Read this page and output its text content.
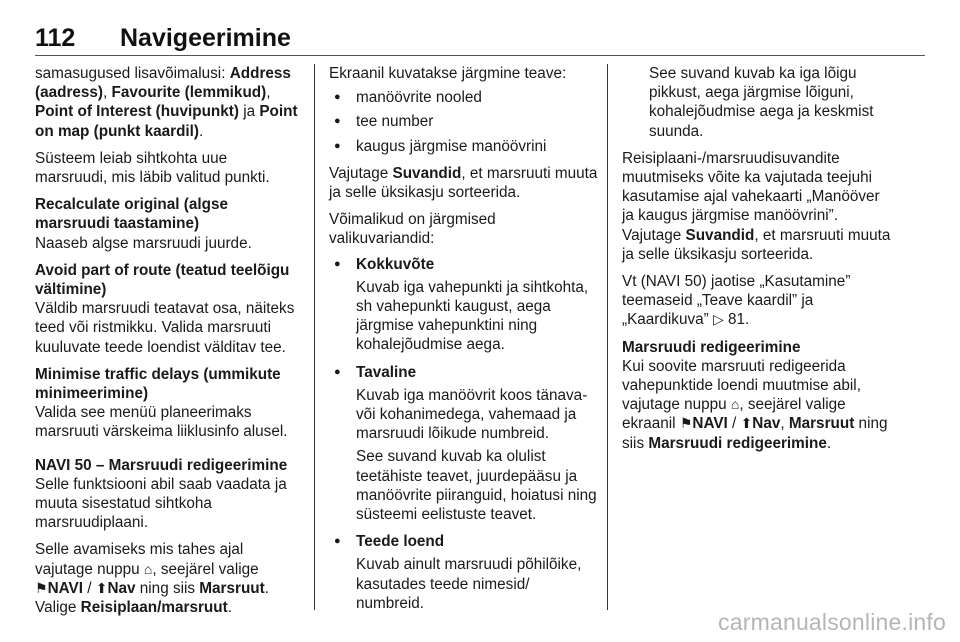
112 Navigeerimine

samasugused lisavõimalusi: Address (aadress), Favourite (lemmikud), Point of Interest (huvipunkt) ja Point on map (punkt kaardil).

Süsteem leiab sihtkohta uue marsruudi, mis läbib valitud punkti.

Recalculate original (algse marsruudi taastamine)

Naaseb algse marsruudi juurde.

Avoid part of route (teatud teelõigu vältimine)

Väldib marsruudi teatavat osa, näiteks teed või ristmikku. Valida marsruuti kuuluvate teede loendist välditav tee.

Minimise traffic delays (ummikute minimeerimine)

Valida see menüü planeerimaks marsruuti värskeima liiklusinfo alusel.

NAVI 50 – Marsruudi redigeerimine

Selle funktsiooni abil saab vaadata ja muuta sisestatud sihtkoha marsruudiplaani.

Selle avamiseks mis tahes ajal vajutage nuppu ⌂, seejärel valige ⚑NAVI / ⬆Nav ning siis Marsruut. Valige Reisiplaan/marsruut.

Ekraanil kuvatakse järgmine teave:

● manöövrite nooled
● tee number
● kaugus järgmise manöövrini

Vajutage Suvandid, et marsruuti muuta ja selle üksikasju sorteerida.

Võimalikud on järgmised valikuvariandid:

● Kokkuvõte
Kuvab iga vahepunkti ja sihtkohta, sh vahepunkti kaugust, aega järgmise vahepunktini ning kohalejõudmise aega.
● Tavaline
Kuvab iga manöövrit koos tänava- või kohanimedega, vahemaad ja marsruudi lõikude numbreid.
See suvand kuvab ka olulist teetähiste teavet, juurdepääsu ja manöövrite piiranguid, hoiatusi ning süsteemi eelistuste teavet.
● Teede loend
Kuvab ainult marsruudi põhilõike, kasutades teede nimesid/ numbreid.

See suvand kuvab ka iga lõigu pikkust, aega järgmise lõiguni, kohalejõudmise aega ja keskmist suunda.

Reisiplaani-/marsruudisuvandite muutmiseks võite ka vajutada teejuhi kasutamise ajal vahekaarti „Manööver ja kaugus järgmise manöövrini”. Vajutage Suvandid, et marsruuti muuta ja selle üksikasju sorteerida.

Vt (NAVI 50) jaotise „Kasutamine” teemaseid „Teave kaardil” ja „Kaardikuva” ▷ 81.

Marsruudi redigeerimine

Kui soovite marsruuti redigeerida vahepunktide loendi muutmise abil, vajutage nuppu ⌂, seejärel valige ekraanil ⚑NAVI / ⬆Nav, Marsruut ning siis Marsruudi redigeerimine.

carmanualsonline.info
